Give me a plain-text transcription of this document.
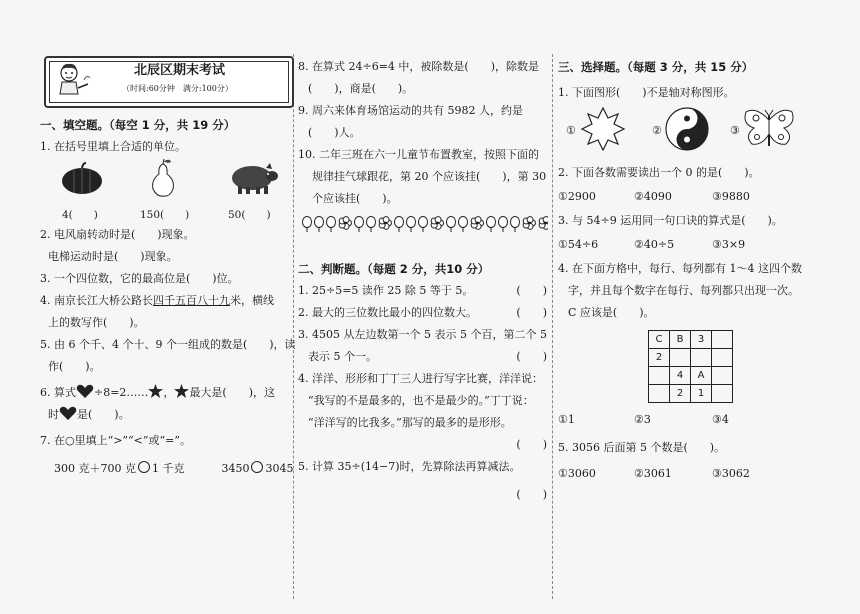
北辰区期末考试
（时间:60分钟　满分:100分）
一、填空题。（每空 1 分，共 19 分）
1. 在括号里填上合适的单位。
4(　　)	150(　　)	50(　　)
2. 电风扇转动时是(　　)现象。
电梯运动时是(　　)现象。
3. 一个四位数，它的最高位是(　　)位。
4. 南京长江大桥公路长四千五百八十九米，横线
上的数写作(　　)。
5. 由 6 个千、4 个十、9 个一组成的数是(　　)，读
作(　　)。
6. 算式 ÷8=2…… ， 最大是(　　)，这
时 是(　　)。
7. 在○里填上“>”“<”或“=”。
300 克＋700 克 1 千克	3450 3045
8. 在算式 24÷6=4 中，被除数是(　　)，除数是
(　　)，商是(　　)。
9. 周六来体育场馆运动的共有 5982 人，约是
(　　)人。
10. 二年三班在六一儿童节布置教室，按照下面的
规律挂气球跟花，第 20 个应该挂(　　)，第 30
个应该挂(　　)。
二、判断题。（每题 2 分，共10 分）
1. 25÷5=5 读作 25 除 5 等于 5。	(　　)
2. 最大的三位数比最小的四位数大。	(　　)
3. 4505 从左边数第一个 5 表示 5 个百，第二个 5
表示 5 个一。	(　　)
4. 洋洋、形形和丁丁三人进行写字比赛，洋洋说：
“我写的不是最多的，也不是最少的。”丁丁说：
“洋洋写的比我多。”那写的最多的是形形。
(　　)
5. 计算 35÷(14−7)时，先算除法再算减法。
(　　)
三、选择题。（每题 3 分，共 15 分）
1. 下面图形(　　)不是轴对称图形。
①	②	③
2. 下面各数需要读出一个 0 的是(　　)。
①2900	②4090	③9880
3. 与 54÷9 运用同一句口诀的算式是(　　)。
①54÷6	②40÷5	③3×9
4. 在下面方格中，每行、每列都有 1～4 这四个数
字，并且每个数字在每行、每列都只出现一次。
C 应该是(　　)。
C	B	3	
2			
	4	A	
	2	1	
①1	②3	③4
5. 3056 后面第 5 个数是(　　)。
①3060	②3061	③3062
